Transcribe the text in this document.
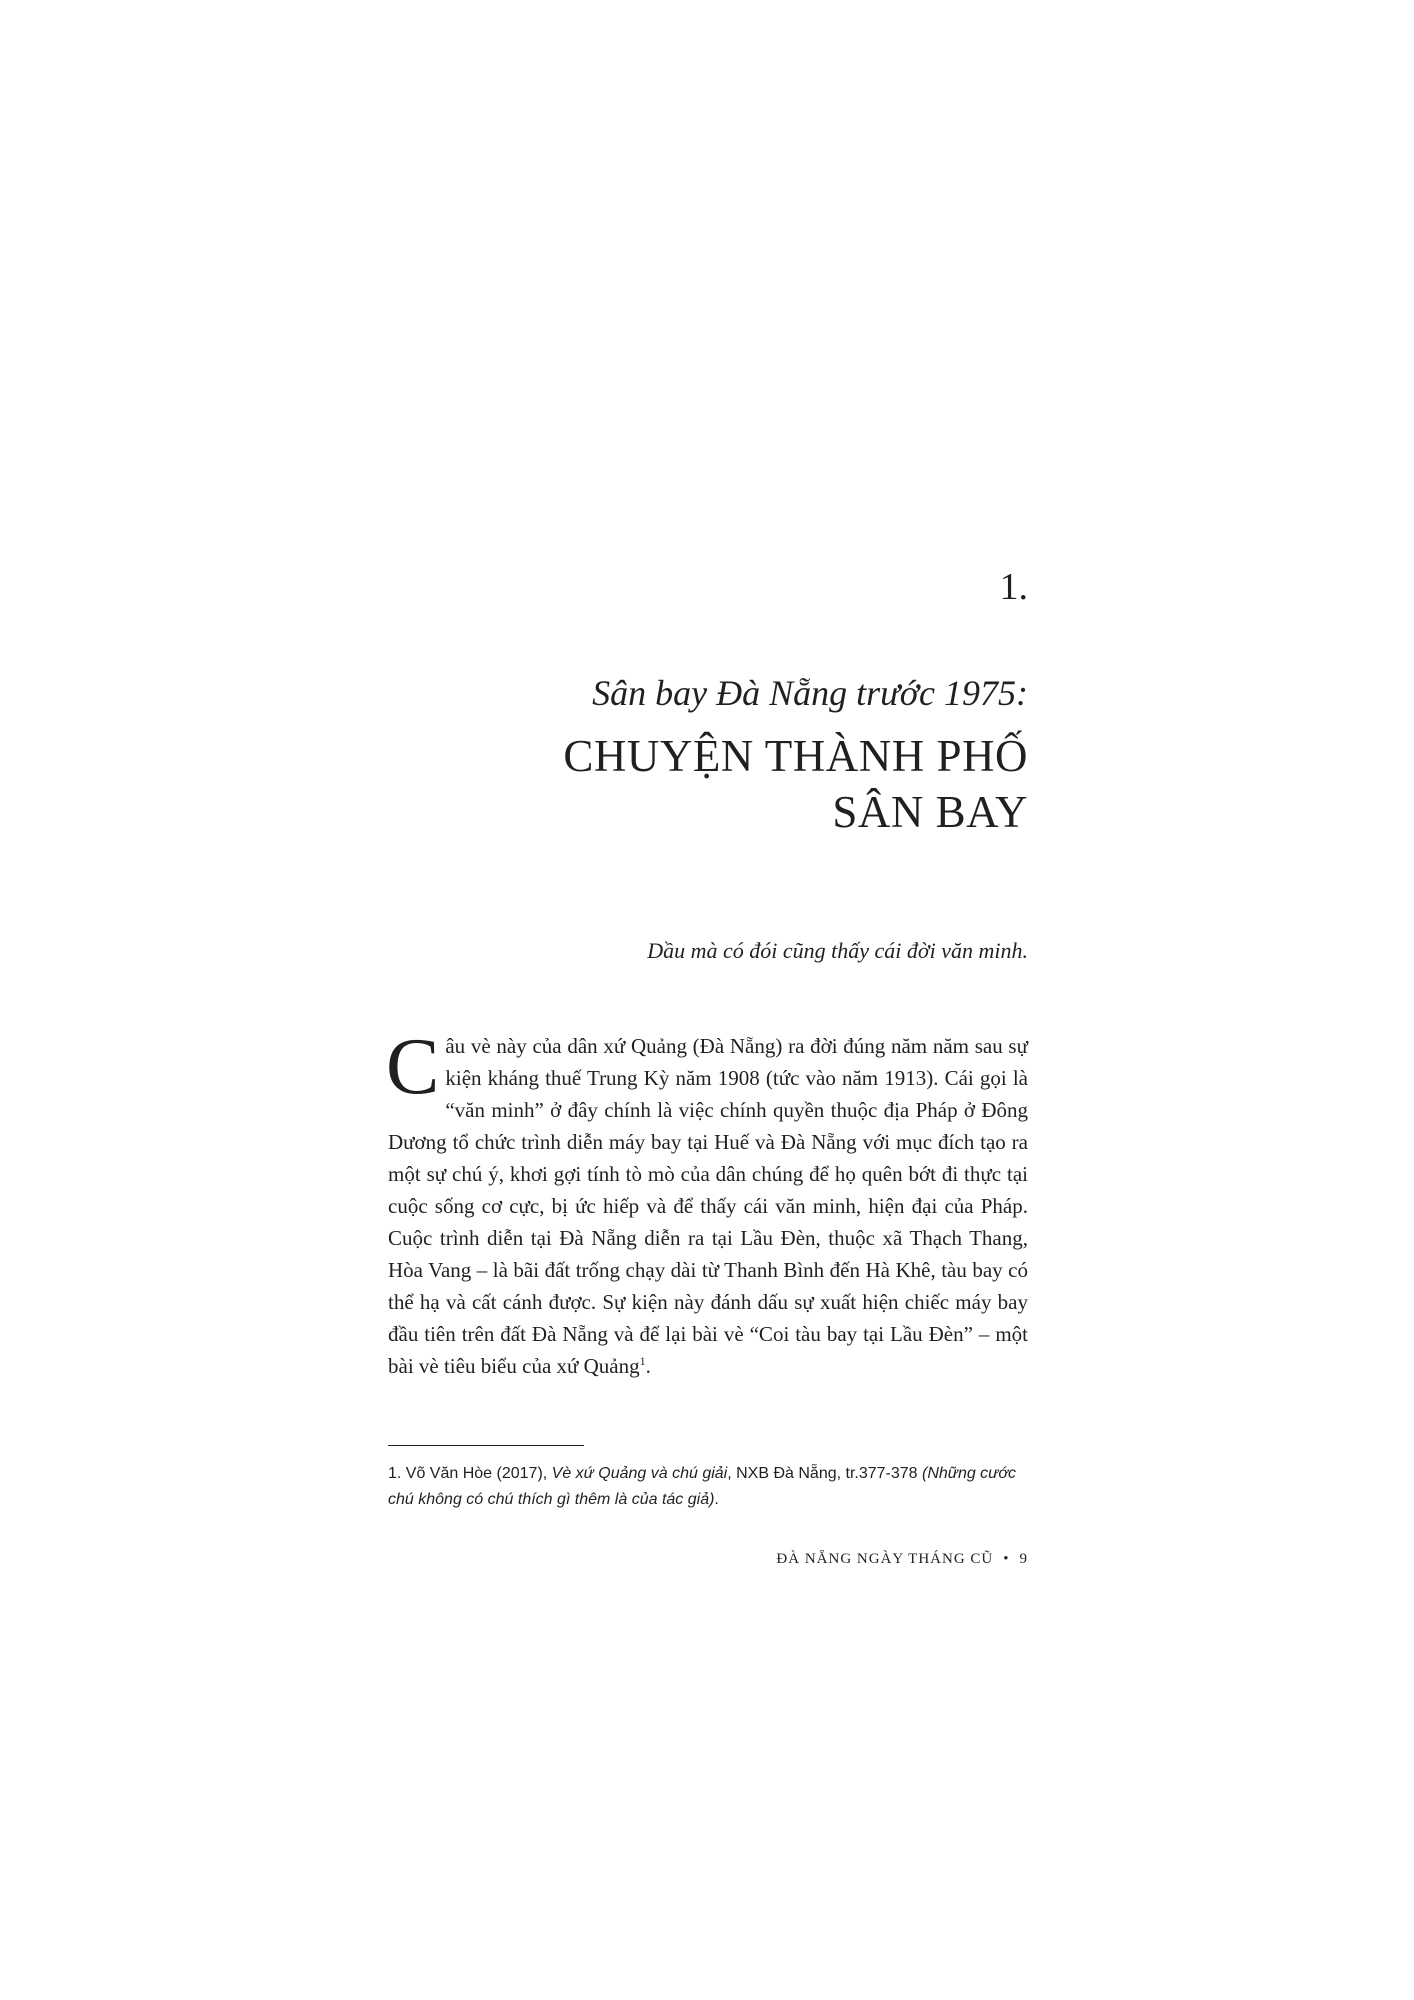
1.
Sân bay Đà Nẵng trước 1975:
CHUYỆN THÀNH PHỐ
SÂN BAY
Dầu mà có đói cũng thấy cái đời văn minh.

Câu vè này của dân xứ Quảng (Đà Nẵng) ra đời đúng năm năm sau sự kiện kháng thuế Trung Kỳ năm 1908 (tức vào năm 1913). Cái gọi là “văn minh” ở đây chính là việc chính quyền thuộc địa Pháp ở Đông Dương tổ chức trình diễn máy bay tại Huế và Đà Nẵng với mục đích tạo ra một sự chú ý, khơi gợi tính tò mò của dân chúng để họ quên bớt đi thực tại cuộc sống cơ cực, bị ức hiếp và để thấy cái văn minh, hiện đại của Pháp. Cuộc trình diễn tại Đà Nẵng diễn ra tại Lầu Đèn, thuộc xã Thạch Thang, Hòa Vang – là bãi đất trống chạy dài từ Thanh Bình đến Hà Khê, tàu bay có thể hạ và cất cánh được. Sự kiện này đánh dấu sự xuất hiện chiếc máy bay đầu tiên trên đất Đà Nẵng và để lại bài vè “Coi tàu bay tại Lầu Đèn” – một bài vè tiêu biểu của xứ Quảng$^1$.

1. Võ Văn Hòe (2017), Vè xứ Quảng và chú giải, NXB Đà Nẵng, tr.377-378 (Những cước chú không có chú thích gì thêm là của tác giả).

ĐÀ NẴNG NGÀY THÁNG CŨ • 9
